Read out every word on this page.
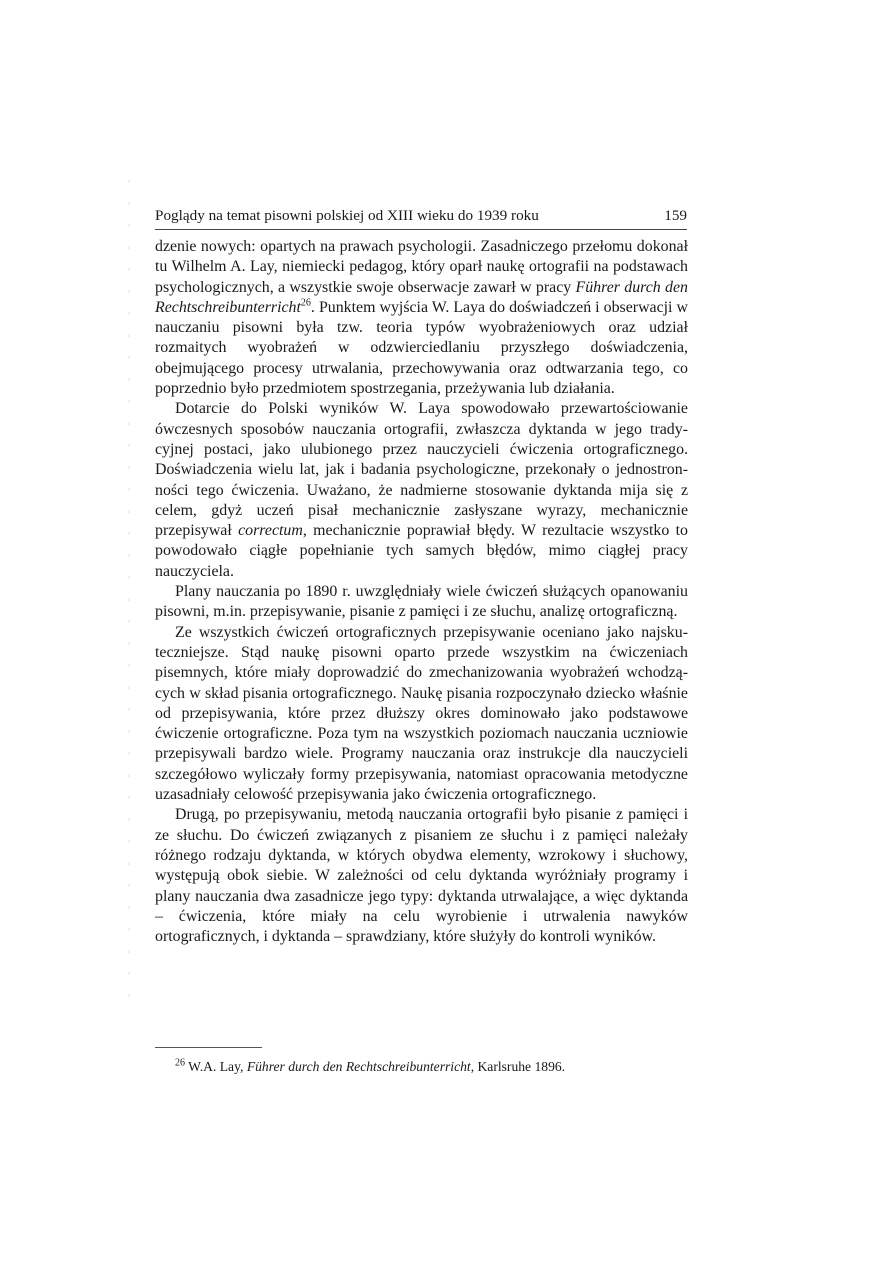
Poglądy na temat pisowni polskiej od XIII wieku do 1939 roku	159

dzenie nowych: opartych na prawach psychologii. Zasadniczego przełomu dokonał tu Wilhelm A. Lay, niemiecki pedagog, który oparł naukę ortografii na podstawach psychologicznych, a wszystkie swoje obserwacje zawarł w pracy Führer durch den Rechtschreibunterricht$^{26}$. Punktem wyjścia W. Laya do doświadczeń i obserwacji w nauczaniu pisowni była tzw. teoria typów wyobrażeniowych oraz udział rozmaitych wyobrażeń w odzwierciedlaniu przyszłego doświadczenia, obejmującego procesy utrwalania, przechowywania oraz odtwarzania tego, co poprzednio było przedmiotem spostrzegania, przeżywania lub działania.

Dotarcie do Polski wyników W. Laya spowodowało przewartościowanie ówczesnych sposobów nauczania ortografii, zwłaszcza dyktanda w jego tradycyjnej postaci, jako ulubionego przez nauczycieli ćwiczenia ortograficznego. Doświadczenia wielu lat, jak i badania psychologiczne, przekonały o jednostronności tego ćwiczenia. Uważano, że nadmierne stosowanie dyktanda mija się z celem, gdyż uczeń pisał mechanicznie zasłyszane wyrazy, mechanicznie przepisywał correctum, mechanicznie poprawiał błędy. W rezultacie wszystko to powodowało ciągłe popełnianie tych samych błędów, mimo ciągłej pracy nauczyciela.

Plany nauczania po 1890 r. uwzględniały wiele ćwiczeń służących opanowaniu pisowni, m.in. przepisywanie, pisanie z pamięci i ze słuchu, analizę ortograficzną.

Ze wszystkich ćwiczeń ortograficznych przepisywanie oceniano jako najskuteczniejsze. Stąd naukę pisowni oparto przede wszystkim na ćwiczeniach pisemnych, które miały doprowadzić do zmechanizowania wyobrażeń wchodzących w skład pisania ortograficznego. Naukę pisania rozpoczynało dziecko właśnie od przepisywania, które przez dłuższy okres dominowało jako podstawowe ćwiczenie ortograficzne. Poza tym na wszystkich poziomach nauczania uczniowie przepisywali bardzo wiele. Programy nauczania oraz instrukcje dla nauczycieli szczegółowo wyliczały formy przepisywania, natomiast opracowania metodyczne uzasadniały celowość przepisywania jako ćwiczenia ortograficznego.

Drugą, po przepisywaniu, metodą nauczania ortografii było pisanie z pamięci i ze słuchu. Do ćwiczeń związanych z pisaniem ze słuchu i z pamięci należały różnego rodzaju dyktanda, w których obydwa elementy, wzrokowy i słuchowy, występują obok siebie. W zależności od celu dyktanda wyróżniały programy i plany nauczania dwa zasadnicze jego typy: dyktanda utrwalające, a więc dyktanda – ćwiczenia, które miały na celu wyrobienie i utrwalenia nawyków ortograficznych, i dyktanda – sprawdziany, które służyły do kontroli wyników.

$^{26}$ W.A. Lay, Führer durch den Rechtschreibunterricht, Karlsruhe 1896.
